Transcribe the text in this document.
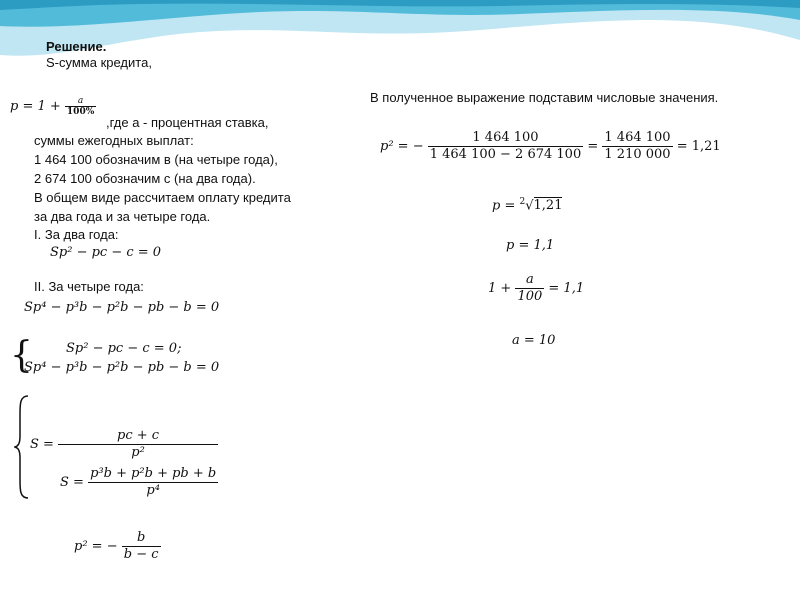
Решение.
S-сумма кредита,
$p = 1 + \frac{a}{100\%}$
,где a - процентная ставка,
суммы ежегодных выплат:
1 464 100 обозначим в (на четыре года),
2 674 100 обозначим с (на два года).
В общем виде рассчитаем оплату кредита
за два года и за четыре года.
I. За два года:
Sp² − pc − c = 0
II. За четыре года:
Sp⁴ − p³b − p²b − pb − b = 0
{	Sp² − pc − c = 0;
Sp⁴ − p³b − p²b − pb − b = 0
$S = \frac{pc + c}{\text{p²}}$
$S = \frac{\text{p³b + p²b + pb + b}}{\text{p⁴}}$
p² = − $\frac{b}{b - c}$
В полученное выражение подставим числовые значения.
p² = − $\frac{1 464 100}{1 464 100 - 2 674 100} = \frac{1 464 100}{1 210 000} = 1,21$
p = $^2$√1,21
p = 1,1
$1 + \frac{a}{100} = 1,1$
a = 10
